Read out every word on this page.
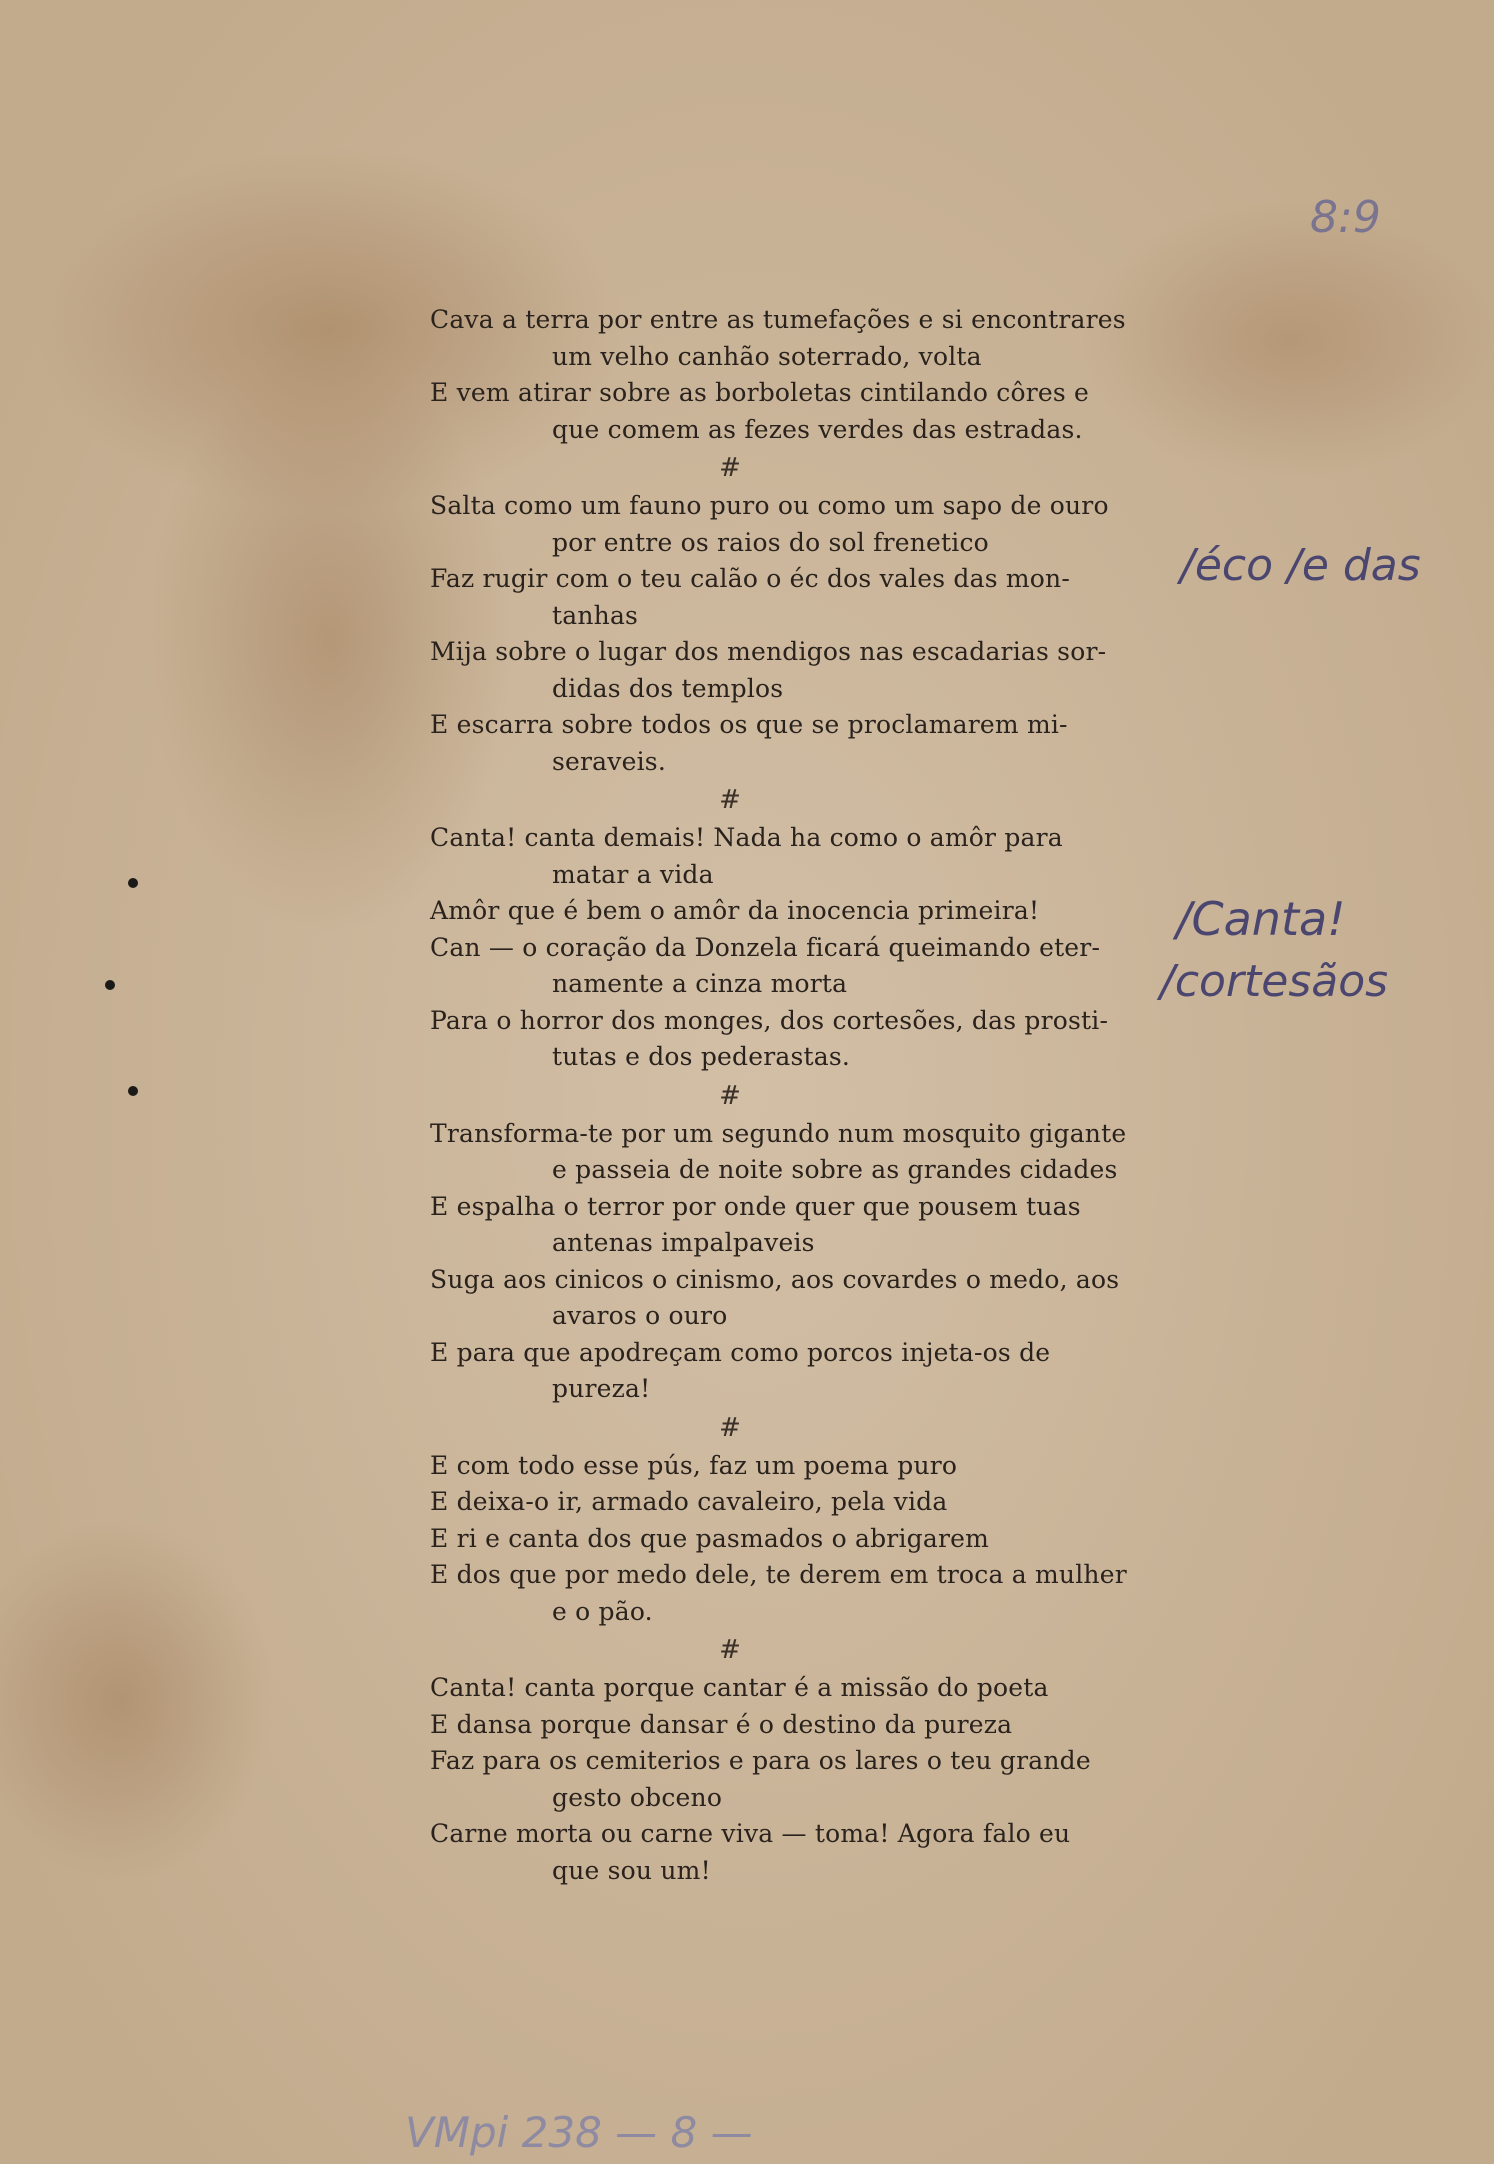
8:9
Cava a terra por entre as tumefações e si encontrares
um velho canhão soterrado, volta
E vem atirar sobre as borboletas cintilando côres e
que comem as fezes verdes das estradas.
#
Salta como um fauno puro ou como um sapo de ouro
por entre os raios do sol frenetico
Faz rugir com o teu calão o éc dos vales das mon-
tanhas
Mija sobre o lugar dos mendigos nas escadarias sor-
didas dos templos
E escarra sobre todos os que se proclamarem mi-
seraveis.
#
Canta! canta demais! Nada ha como o amôr para
matar a vida
Amôr que é bem o amôr da inocencia primeira!
Can — o coração da Donzela ficará queimando eter-
namente a cinza morta
Para o horror dos monges, dos cortesões, das prosti-
tutas e dos pederastas.
#
Transforma-te por um segundo num mosquito gigante
e passeia de noite sobre as grandes cidades
E espalha o terror por onde quer que pousem tuas
antenas impalpaveis
Suga aos cinicos o cinismo, aos covardes o medo, aos
avaros o ouro
E para que apodreçam como porcos injeta-os de
pureza!
#
E com todo esse pús, faz um poema puro
E deixa-o ir, armado cavaleiro, pela vida
E ri e canta dos que pasmados o abrigarem
E dos que por medo dele, te derem em troca a mulher
e o pão.
#
Canta! canta porque cantar é a missão do poeta
E dansa porque dansar é o destino da pureza
Faz para os cemiterios e para os lares o teu grande
gesto obceno
Carne morta ou carne viva — toma! Agora falo eu
que sou um!
/éco /e das
/Canta!
/cortesãos
VMpi 238 — 8 —
